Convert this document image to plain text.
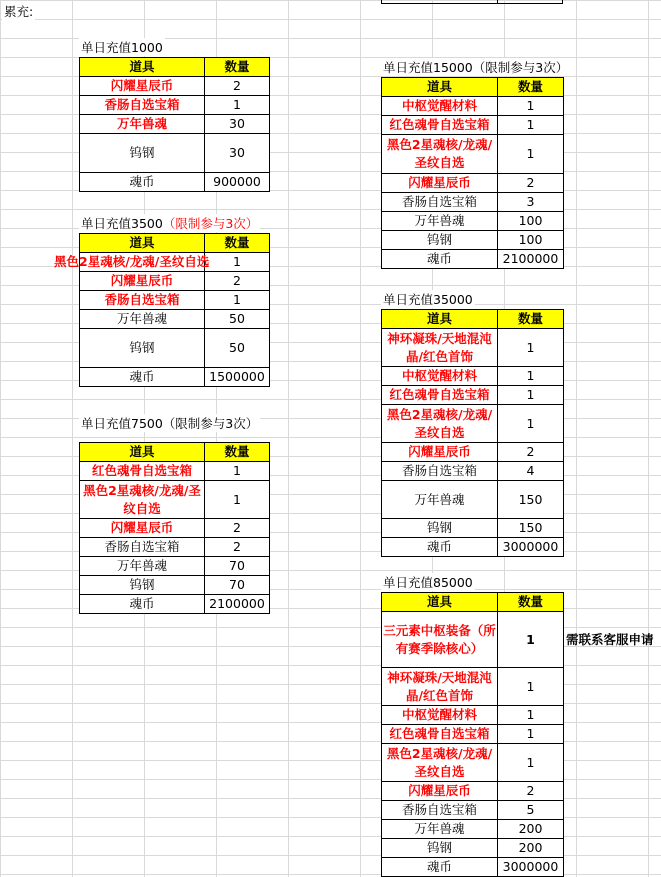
累充:
单日充值1000
道具	数量
闪耀星辰币	2
香肠自选宝箱	1
万年兽魂	30
钨钢	30
魂币	900000
单日充值3500（限制参与3次）
道具	数量
黑色2星魂核/龙魂/圣纹自选	1
闪耀星辰币	2
香肠自选宝箱	1
万年兽魂	50
钨钢	50
魂币	1500000
单日充值7500（限制参与3次）
道具	数量
红色魂骨自选宝箱	1
黑色2星魂核/龙魂/圣纹自选	1
闪耀星辰币	2
香肠自选宝箱	2
万年兽魂	70
钨钢	70
魂币	2100000
单日充值15000（限制参与3次）
道具	数量
中枢觉醒材料	1
红色魂骨自选宝箱	1
黑色2星魂核/龙魂/圣纹自选	1
闪耀星辰币	2
香肠自选宝箱	3
万年兽魂	100
钨钢	100
魂币	2100000
单日充值35000
道具	数量
神环凝珠/天地混沌晶/红色首饰	1
中枢觉醒材料	1
红色魂骨自选宝箱	1
黑色2星魂核/龙魂/圣纹自选	1
闪耀星辰币	2
香肠自选宝箱	4
万年兽魂	150
钨钢	150
魂币	3000000
单日充值85000
道具	数量
三元素中枢装备（所有赛季除核心）	1
神环凝珠/天地混沌晶/红色首饰	1
中枢觉醒材料	1
红色魂骨自选宝箱	1
黑色2星魂核/龙魂/圣纹自选	1
闪耀星辰币	2
香肠自选宝箱	5
万年兽魂	200
钨钢	200
魂币	3000000
需联系客服申请
